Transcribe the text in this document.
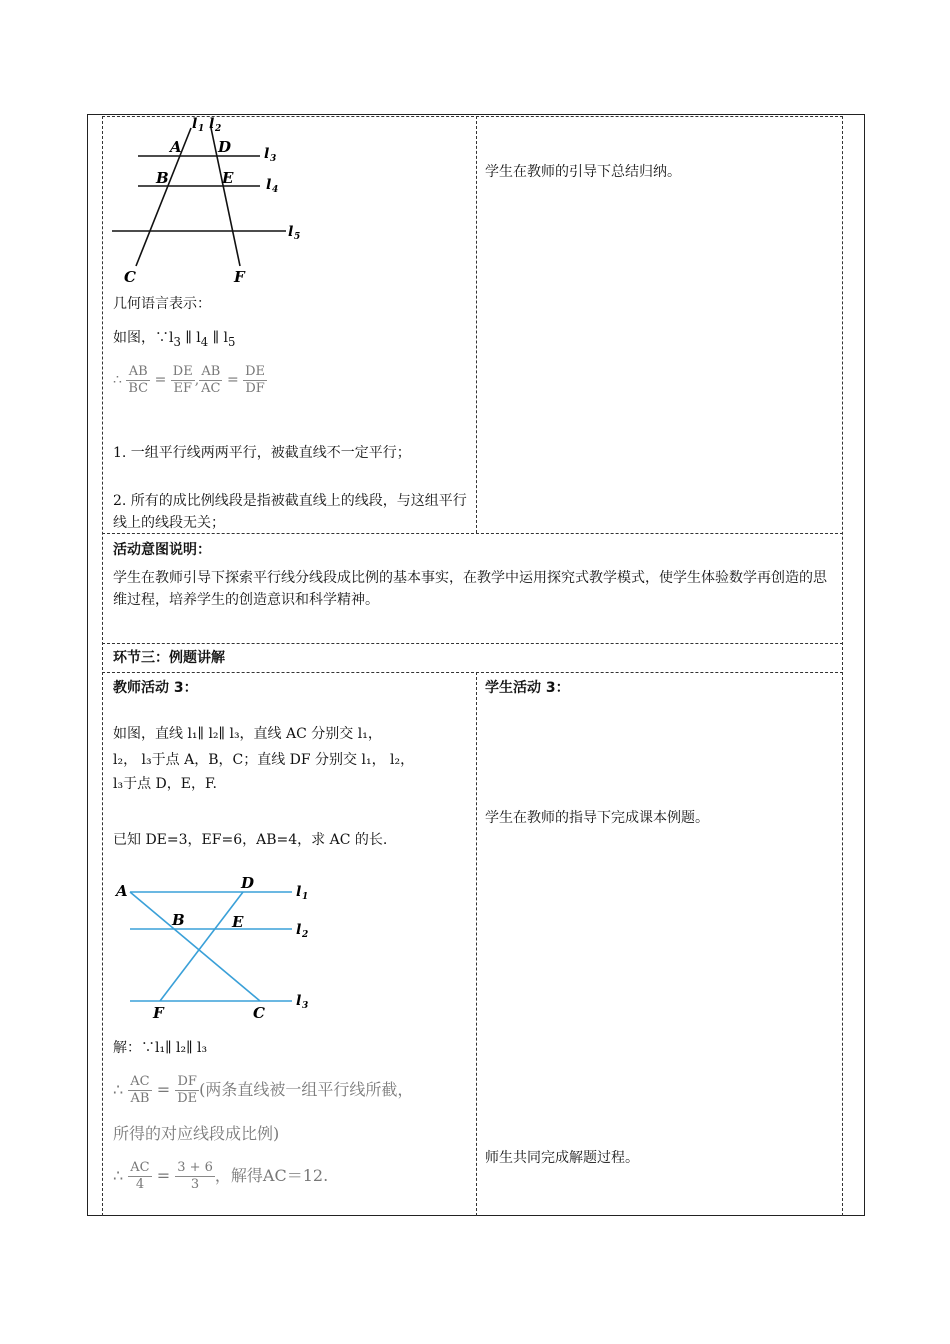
l 1 l 2
l 3
l 4
l 5
A D
B	E
C	F
几何语言表示：
如图，$\because l_3$ ∥ $l_4$ ∥ $l_5$
∴ $\frac{AB}{BC} = \frac{DE}{EF}$ , $\frac{AB}{AC} = \frac{DE}{DF}$
1. 一组平行线两两平行，被截直线不一定平行；
2. 所有的成比例线段是指被截直线上的线段，与这组平行线上的线段无关；
学生在教师的引导下总结归纳。
活动意图说明：
学生在教师引导下探索平行线分线段成比例的基本事实，在教学中运用探究式教学模式，使学生体验数学再创造的思维过程，培养学生的创造意识和科学精神。
环节三：例题讲解
教师活动 3：
如图，直线 l₁∥ l₂∥ l₃，直线 AC 分别交 l₁，
l₂， l₃于点 A，B，C；直线 DF 分别交 l₁， l₂，
l₃于点 D，E，F.
已知 DE=3，EF=6，AB=4，求 AC 的长.
A	D
B	E
F	C
l 1
l 2
l 3
解：∵l₁∥ l₂∥ l₃
∴ $\frac{AC}{AB} = \frac{DF}{DE}$ (两条直线被一组平行线所截，
所得的对应线段成比例)
∴ $\frac{AC}{4} = \frac{3 + 6}{3}$ ，解得AC＝12.
学生活动 3：
学生在教师的指导下完成课本例题。
师生共同完成解题过程。
